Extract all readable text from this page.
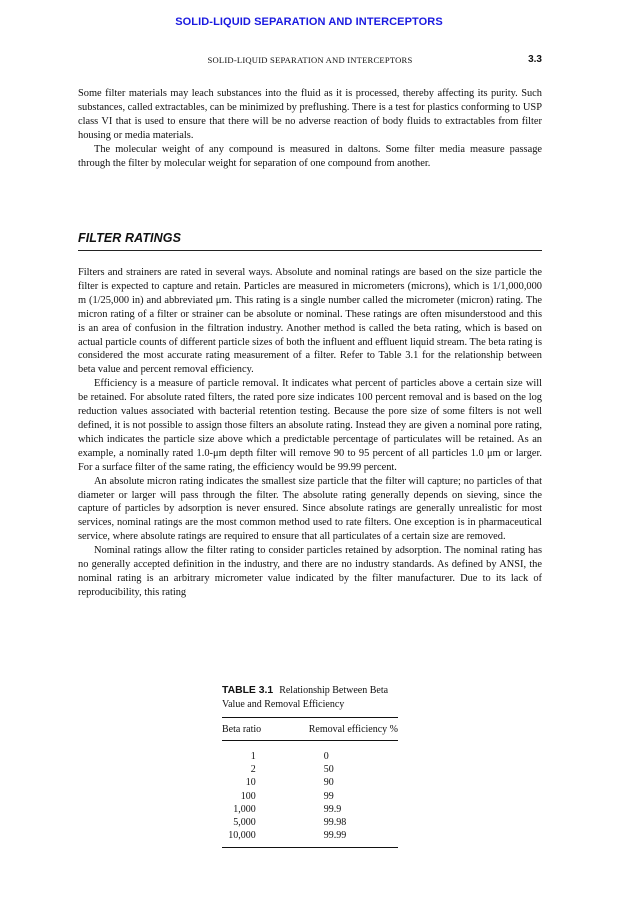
SOLID-LIQUID SEPARATION AND INTERCEPTORS
SOLID-LIQUID SEPARATION AND INTERCEPTORS	3.3

Some filter materials may leach substances into the fluid as it is processed, thereby affecting its purity. Such substances, called extractables, can be minimized by preflushing. There is a test for plastics conforming to USP class VI that is used to ensure that there will be no adverse reaction of body fluids to extractables from filter housing or media materials.

The molecular weight of any compound is measured in daltons. Some filter media measure passage through the filter by molecular weight for separation of one compound from another.

FILTER RATINGS

Filters and strainers are rated in several ways. Absolute and nominal ratings are based on the size particle the filter is expected to capture and retain. Particles are measured in micrometers (microns), which is 1/1,000,000 m (1/25,000 in) and abbreviated μm. This rating is a single number called the micrometer (micron) rating. The micron rating of a filter or strainer can be absolute or nominal. These ratings are often misunderstood and this is an area of confusion in the filtration industry. Another method is called the beta rating, which is based on actual particle counts of different particle sizes of both the influent and effluent liquid stream. The beta rating is considered the most accurate rating measurement of a filter. Refer to Table 3.1 for the relationship between beta value and percent removal efficiency.

Efficiency is a measure of particle removal. It indicates what percent of particles above a certain size will be retained. For absolute rated filters, the rated pore size indicates 100 percent removal and is based on the log reduction values associated with bacterial retention testing. Because the pore size of some filters is not well defined, it is not possible to assign those filters an absolute rating. Instead they are given a nominal pore rating, which indicates the particle size above which a predictable percentage of particulates will be retained. As an example, a nominally rated 1.0-μm depth filter will remove 90 to 95 percent of all particles 1.0 μm or larger. For a surface filter of the same rating, the efficiency would be 99.99 percent.

An absolute micron rating indicates the smallest size particle that the filter will capture; no particles of that diameter or larger will pass through the filter. The absolute rating generally depends on sieving, since the capture of particles by adsorption is never ensured. Since absolute ratings are generally unrealistic for most services, nominal ratings are the most common method used to rate filters. One exception is in pharmaceutical service, where absolute ratings are required to ensure that all particulates of a certain size are removed.

Nominal ratings allow the filter rating to consider particles retained by adsorption. The nominal rating has no generally accepted definition in the industry, and there are no industry standards. As defined by ANSI, the nominal rating is an arbitrary micrometer value indicated by the filter manufacturer. Due to its lack of reproducibility, this rating

TABLE 3.1 Relationship Between Beta Value and Removal Efficiency
Beta ratio	Removal efficiency %
1	0
2	50
10	90
100	99
1,000	99.9
5,000	99.98
10,000	99.99
